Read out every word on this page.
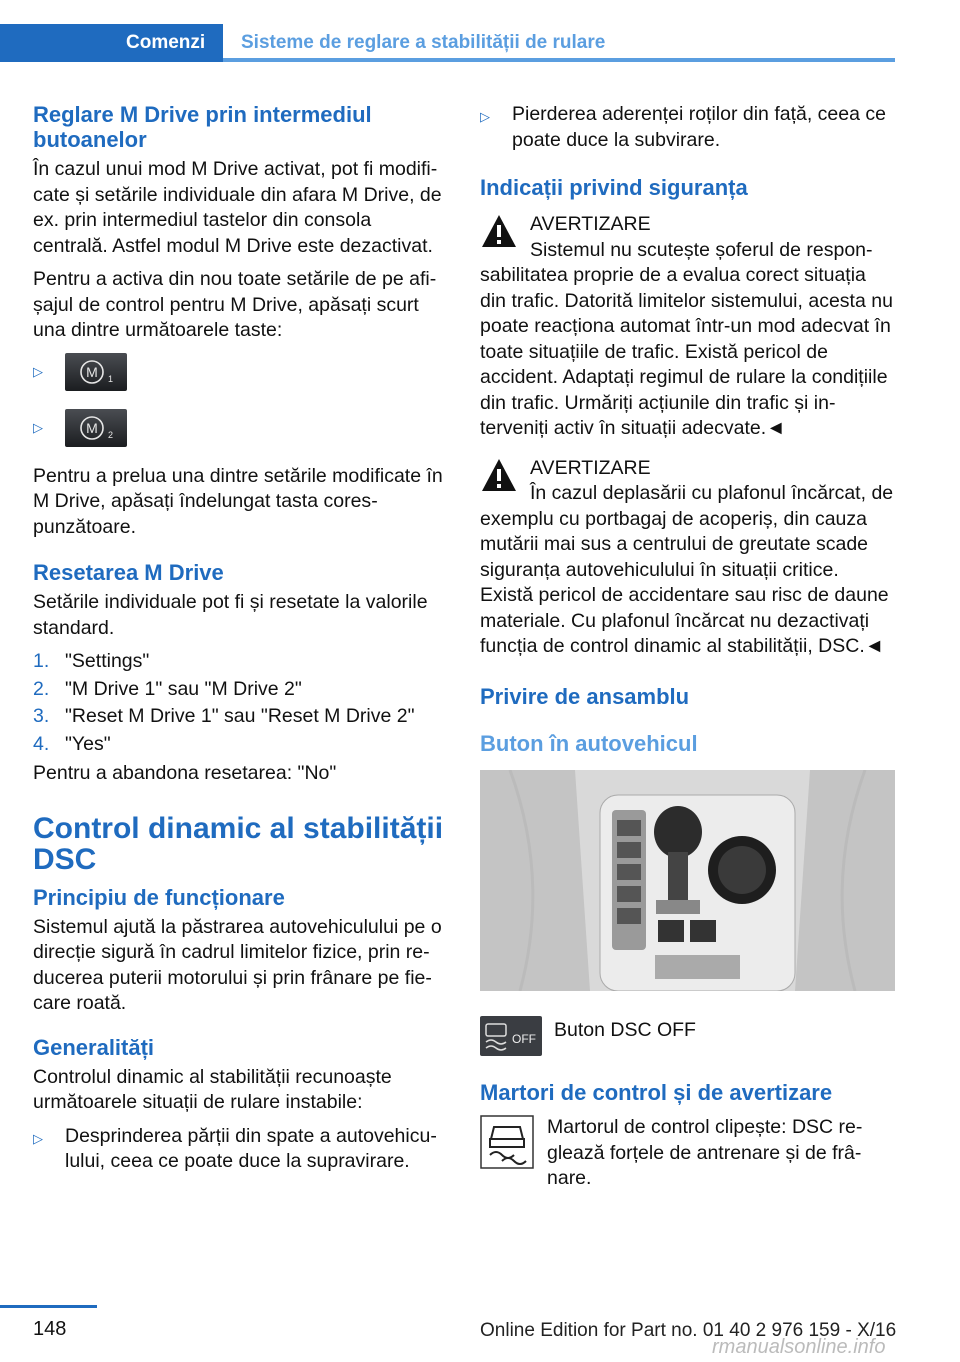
Comenzi Sisteme de reglare a stabilității de rulare
Reglare M Drive prin intermediul butoanelor

În cazul unui mod M Drive activat, pot fi modificate și setările individuale din afara M Drive, de ex. prin intermediul tastelor din consola centrală. Astfel modul M Drive este dezactivat.

Pentru a activa din nou toate setările de pe afișajul de control pentru M Drive, apăsați scurt una dintre următoarele taste:

▷	M 1
▷	M 2

Pentru a prelua una dintre setările modificate în M Drive, apăsați îndelungat tasta corespunzătoare.

Resetarea M Drive

Setările individuale pot fi și resetate la valorile standard.

1. "Settings"
2. "M Drive 1" sau "M Drive 2"
3. "Reset M Drive 1" sau "Reset M Drive 2"
4. "Yes"

Pentru a abandona resetarea: "No"

Control dinamic al stabilității DSC
Principiu de funcționare

Sistemul ajută la păstrarea autovehiculului pe o direcție sigură în cadrul limitelor fizice, prin reducerea puterii motorului și prin frânare pe fiecare roată.

Generalități

Controlul dinamic al stabilității recunoaște următoarele situații de rulare instabile:

▷	Desprinderea părții din spate a autovehiculului, ceea ce poate duce la supravirare.
▷	Pierderea aderenței roților din față, ceea ce poate duce la subvirare.
Indicații privind siguranța
AVERTIZARE
Sistemul nu scutește șoferul de responsabilitatea proprie de a evalua corect situația din trafic. Datorită limitelor sistemului, acesta nu poate reacționa automat într-un mod adecvat în toate situațiile de trafic. Există pericol de accident. Adaptați regimul de rulare la condițiile din trafic. Urmăriți acțiunile din trafic și interveniți activ în situații adecvate.◄
AVERTIZARE
În cazul deplasării cu plafonul încărcat, de exemplu cu portbagaj de acoperiș, din cauza mutării mai sus a centrului de greutate scade siguranța autovehiculului în situații critice. Există pericol de accidentare sau risc de daune materiale. Cu plafonul încărcat nu dezactivați funcția de control dinamic al stabilității, DSC.◄
Privire de ansamblu
Buton în autovehicul
OFF Buton DSC OFF
Martori de control și de avertizare
Martorul de control clipește: DSC reglează forțele de antrenare și de frânare.
148	Online Edition for Part no. 01 40 2 976 159 - X/16
rmanualsonline.info
